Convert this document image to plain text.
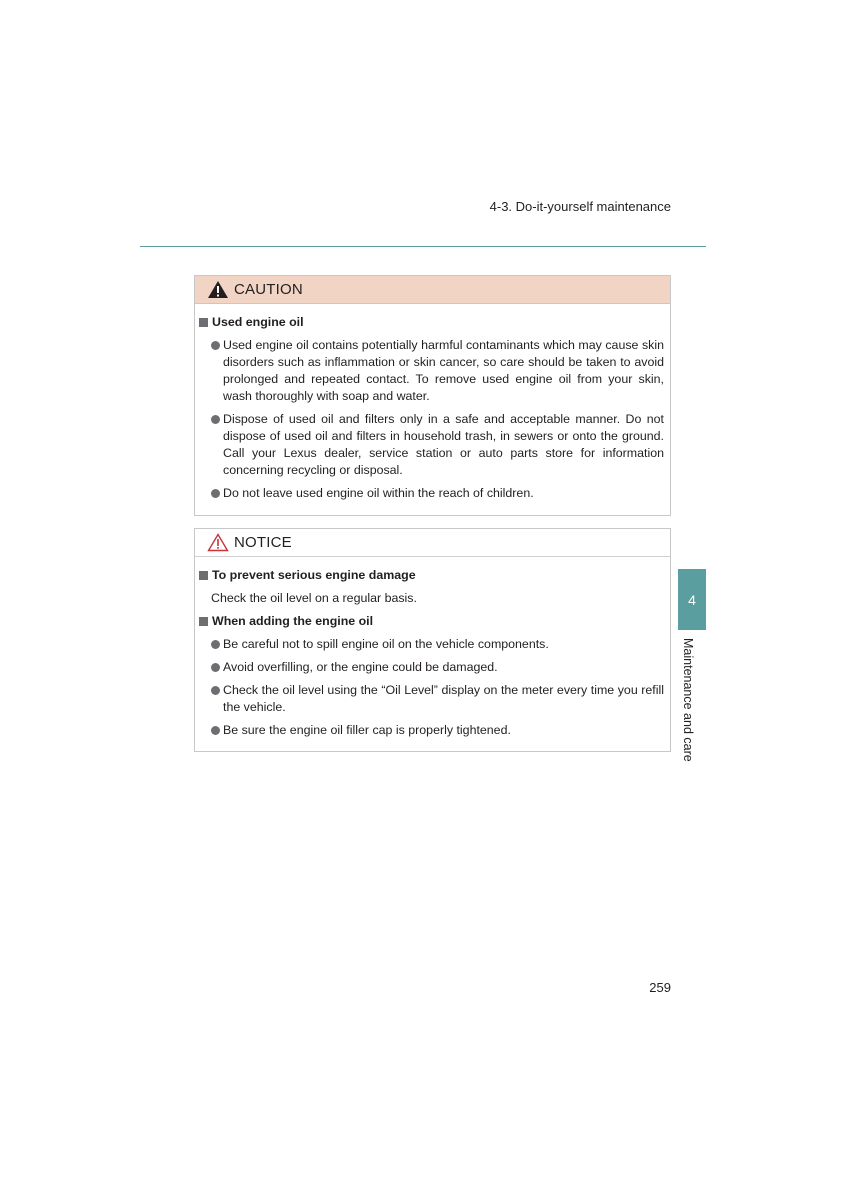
4-3. Do-it-yourself maintenance
CAUTION
Used engine oil
Used engine oil contains potentially harmful contaminants which may cause skin disorders such as inflammation or skin cancer, so care should be taken to avoid prolonged and repeated contact. To remove used engine oil from your skin, wash thoroughly with soap and water.
Dispose of used oil and filters only in a safe and acceptable manner. Do not dispose of used oil and filters in household trash, in sewers or onto the ground. Call your Lexus dealer, service station or auto parts store for information concerning recycling or disposal.
Do not leave used engine oil within the reach of children.
NOTICE
To prevent serious engine damage
Check the oil level on a regular basis.
When adding the engine oil
Be careful not to spill engine oil on the vehicle components.
Avoid overfilling, or the engine could be damaged.
Check the oil level using the “Oil Level” display on the meter every time you refill the vehicle.
Be sure the engine oil filler cap is properly tightened.
4
Maintenance and care
259
